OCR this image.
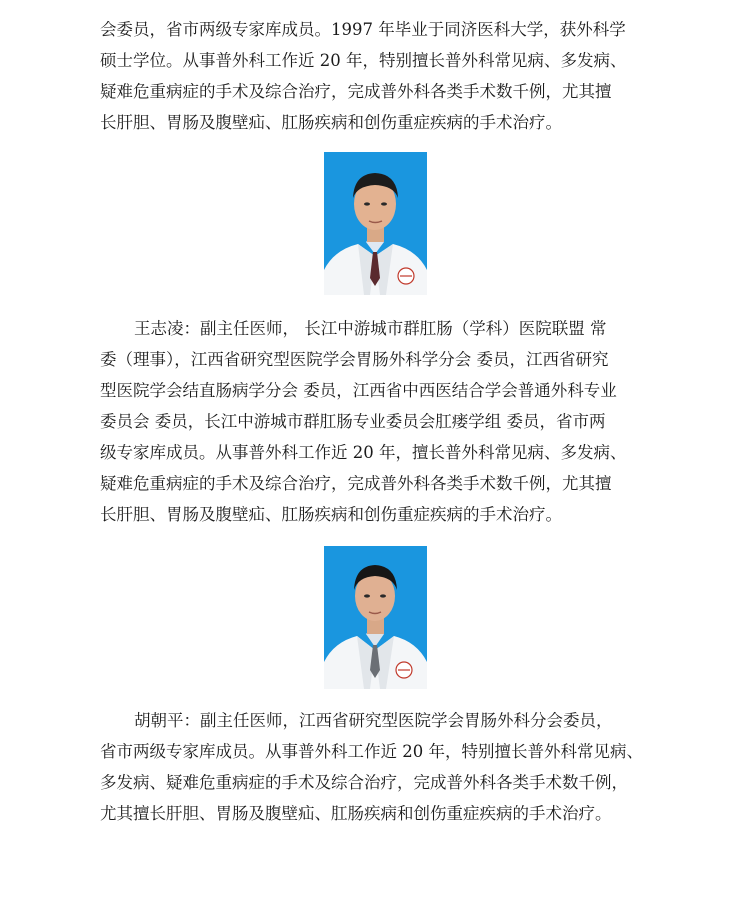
会委员，省市两级专家库成员。1997 年毕业于同济医科大学，获外科学
硕士学位。从事普外科工作近 20 年，特别擅长普外科常见病、多发病、
疑难危重病症的手术及综合治疗，完成普外科各类手术数千例，尤其擅
长肝胆、胃肠及腹壁疝、肛肠疾病和创伤重症疾病的手术治疗。

王志凌：副主任医师， 长江中游城市群肛肠（学科）医院联盟 常
委（理事），江西省研究型医院学会胃肠外科学分会 委员，江西省研究
型医院学会结直肠病学分会 委员，江西省中西医结合学会普通外科专业
委员会 委员，长江中游城市群肛肠专业委员会肛瘘学组 委员，省市两
级专家库成员。从事普外科工作近 20 年，擅长普外科常见病、多发病、
疑难危重病症的手术及综合治疗，完成普外科各类手术数千例，尤其擅
长肝胆、胃肠及腹壁疝、肛肠疾病和创伤重症疾病的手术治疗。

胡朝平：副主任医师，江西省研究型医院学会胃肠外科分会委员，
省市两级专家库成员。从事普外科工作近 20 年，特别擅长普外科常见病、
多发病、疑难危重病症的手术及综合治疗，完成普外科各类手术数千例，
尤其擅长肝胆、胃肠及腹壁疝、肛肠疾病和创伤重症疾病的手术治疗。
